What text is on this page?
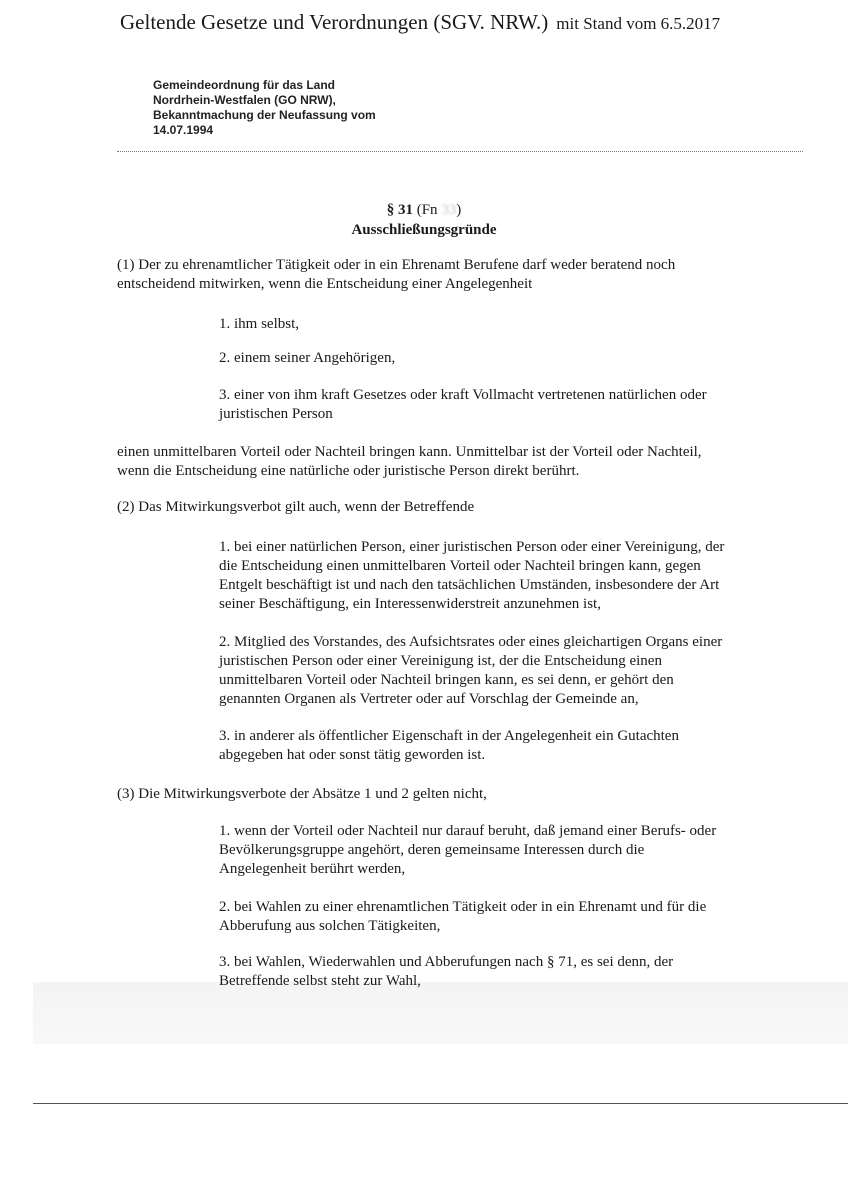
Geltende Gesetze und Verordnungen (SGV. NRW.) mit Stand vom 6.5.2017
Gemeindeordnung für das Land
Nordrhein-Westfalen (GO NRW),
Bekanntmachung der Neufassung vom
14.07.1994
§ 31 (Fn 33)
Ausschließungsgründe
(1) Der zu ehrenamtlicher Tätigkeit oder in ein Ehrenamt Berufene darf weder beratend noch
entscheidend mitwirken, wenn die Entscheidung einer Angelegenheit
1. ihm selbst,
2. einem seiner Angehörigen,
3. einer von ihm kraft Gesetzes oder kraft Vollmacht vertretenen natürlichen oder
juristischen Person
einen unmittelbaren Vorteil oder Nachteil bringen kann. Unmittelbar ist der Vorteil oder Nachteil,
wenn die Entscheidung eine natürliche oder juristische Person direkt berührt.
(2) Das Mitwirkungsverbot gilt auch, wenn der Betreffende
1. bei einer natürlichen Person, einer juristischen Person oder einer Vereinigung, der
die Entscheidung einen unmittelbaren Vorteil oder Nachteil bringen kann, gegen
Entgelt beschäftigt ist und nach den tatsächlichen Umständen, insbesondere der Art
seiner Beschäftigung, ein Interessenwiderstreit anzunehmen ist,
2. Mitglied des Vorstandes, des Aufsichtsrates oder eines gleichartigen Organs einer
juristischen Person oder einer Vereinigung ist, der die Entscheidung einen
unmittelbaren Vorteil oder Nachteil bringen kann, es sei denn, er gehört den
genannten Organen als Vertreter oder auf Vorschlag der Gemeinde an,
3. in anderer als öffentlicher Eigenschaft in der Angelegenheit ein Gutachten
abgegeben hat oder sonst tätig geworden ist.
(3) Die Mitwirkungsverbote der Absätze 1 und 2 gelten nicht,
1. wenn der Vorteil oder Nachteil nur darauf beruht, daß jemand einer Berufs- oder
Bevölkerungsgruppe angehört, deren gemeinsame Interessen durch die
Angelegenheit berührt werden,
2. bei Wahlen zu einer ehrenamtlichen Tätigkeit oder in ein Ehrenamt und für die
Abberufung aus solchen Tätigkeiten,
3. bei Wahlen, Wiederwahlen und Abberufungen nach § 71, es sei denn, der
Betreffende selbst steht zur Wahl,
